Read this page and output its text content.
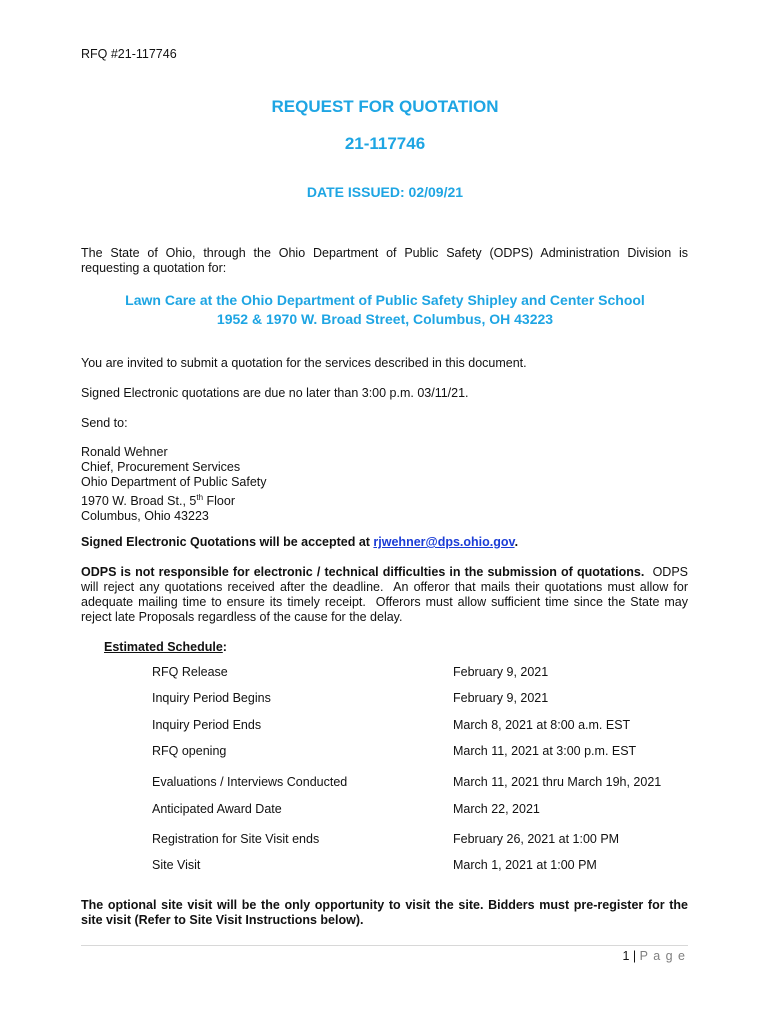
RFQ #21-117746
REQUEST FOR QUOTATION
21-117746
DATE ISSUED: 02/09/21
The State of Ohio, through the Ohio Department of Public Safety (ODPS) Administration Division is requesting a quotation for:
Lawn Care at the Ohio Department of Public Safety Shipley and Center School
1952 & 1970 W. Broad Street, Columbus, OH 43223
You are invited to submit a quotation for the services described in this document.
Signed Electronic quotations are due no later than 3:00 p.m. 03/11/21.
Send to:
Ronald Wehner
Chief, Procurement Services
Ohio Department of Public Safety
1970 W. Broad St., 5th Floor
Columbus, Ohio 43223
Signed Electronic Quotations will be accepted at rjwehner@dps.ohio.gov.
ODPS is not responsible for electronic / technical difficulties in the submission of quotations.  ODPS will reject any quotations received after the deadline.  An offeror that mails their quotations must allow for adequate mailing time to ensure its timely receipt.  Offerors must allow sufficient time since the State may reject late Proposals regardless of the cause for the delay.
Estimated Schedule:
RFQ Release	February 9, 2021
Inquiry Period Begins	February 9, 2021
Inquiry Period Ends	March 8, 2021 at 8:00 a.m. EST
RFQ opening	March 11, 2021 at 3:00 p.m. EST
Evaluations / Interviews Conducted	March 11, 2021 thru March 19h, 2021
Anticipated Award Date	March 22, 2021
Registration for Site Visit ends	February 26, 2021 at 1:00 PM
Site Visit	March 1, 2021 at 1:00 PM
The optional site visit will be the only opportunity to visit the site. Bidders must pre-register for the site visit (Refer to Site Visit Instructions below).
1 | P a g e
